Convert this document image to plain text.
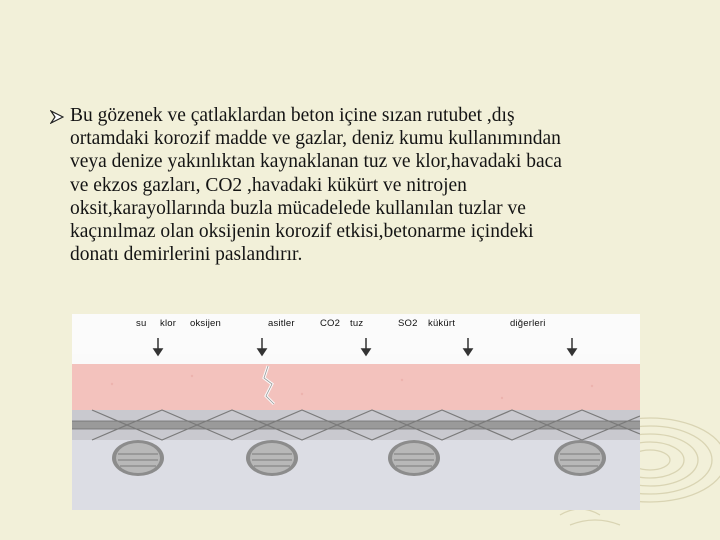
Bu gözenek ve çatlaklardan beton içine sızan rutubet ,dış
ortamdaki korozif madde ve gazlar, deniz kumu kullanımından
veya denize yakınlıktan kaynaklanan tuz ve klor,havadaki baca
ve ekzos gazları, CO2 ,havadaki kükürt ve nitrojen
oksit,karayollarında buzla mücadelede kullanılan tuzlar ve
kaçınılmaz olan oksijenin korozif etkisi,betonarme içindeki
donatı demirlerini paslandırır.

su klor oksijen	asitler	CO2 tuz	SO2 kükürt	diğerleri
